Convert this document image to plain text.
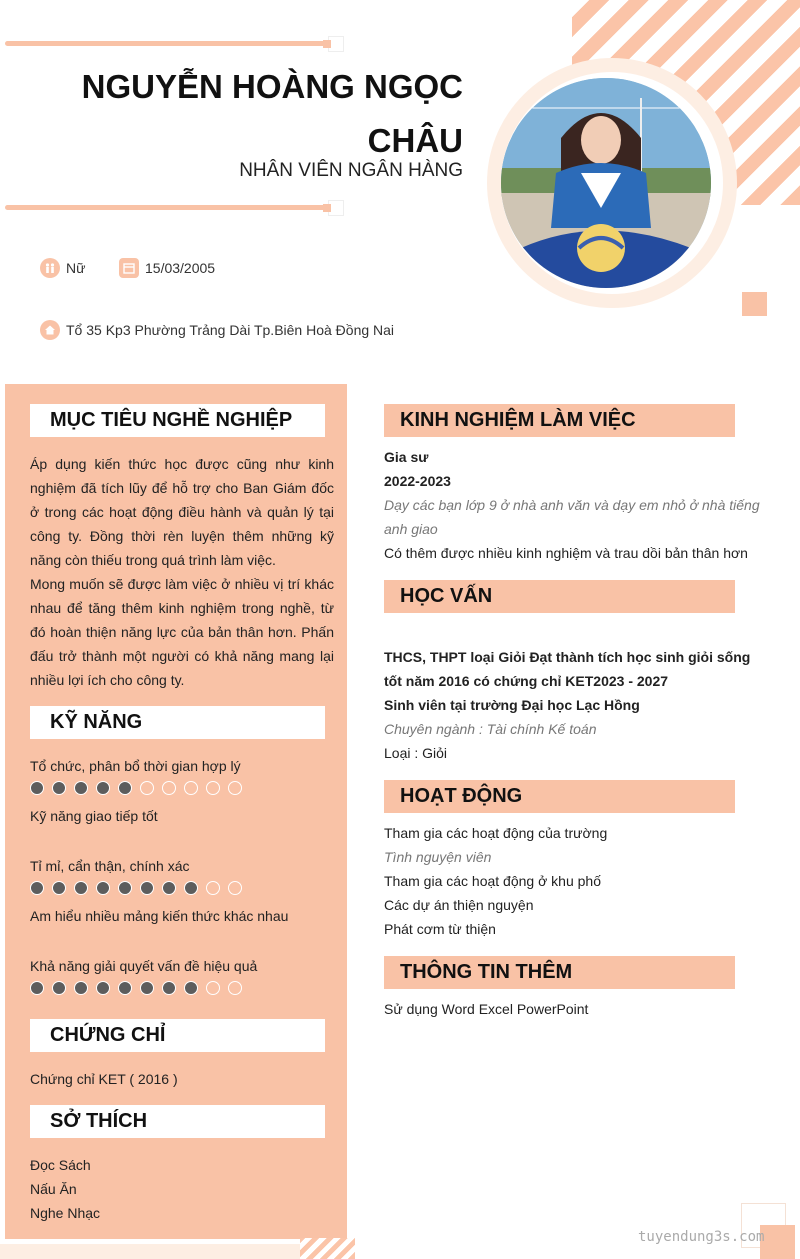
NGUYỄN HOÀNG NGỌC
CHÂU
NHÂN VIÊN NGÂN HÀNG
Nữ	15/03/2005
Tổ 35 Kp3 Phường Trảng Dài Tp.Biên Hoà Đồng Nai
MỤC TIÊU NGHỀ NGHIỆP
Áp dụng kiến thức học được cũng như kinh nghiệm đã tích lũy để hỗ trợ cho Ban Giám đốc ở trong các hoạt động điều hành và quản lý tại công ty. Đồng thời rèn luyện thêm những kỹ năng còn thiếu trong quá trình làm việc.
Mong muốn sẽ được làm việc ở nhiều vị trí khác nhau để tăng thêm kinh nghiệm trong nghề, từ đó hoàn thiện năng lực của bản thân hơn. Phấn đấu trở thành một người có khả năng mang lại nhiều lợi ích cho công ty.
KỸ NĂNG
Tổ chức, phân bổ thời gian hợp lý
Kỹ năng giao tiếp tốt
Tỉ mỉ, cẩn thận, chính xác
Am hiểu nhiều mảng kiến thức khác nhau
Khả năng giải quyết vấn đề hiệu quả
CHỨNG CHỈ
Chứng chỉ KET ( 2016 )
SỞ THÍCH
Đọc Sách
Nấu Ăn
Nghe Nhạc
KINH NGHIỆM LÀM VIỆC
Gia sư
2022-2023
Dạy các bạn lớp 9 ở nhà anh văn và dạy em nhỏ ở nhà tiếng anh giao
Có thêm được nhiều kinh nghiệm và trau dồi bản thân hơn
HỌC VẤN
THCS, THPT loại Giỏi Đạt thành tích học sinh giỏi sống tốt năm 2016 có chứng chỉ KET2023 - 2027
Sinh viên tại trường Đại học Lạc Hồng
Chuyên ngành : Tài chính Kế toán
Loại : Giỏi
HOẠT ĐỘNG
Tham gia các hoạt động của trường
Tình nguyện viên
Tham gia các hoạt động ở khu phố
Các dự án thiện nguyện
Phát cơm từ thiện
THÔNG TIN THÊM
Sử dụng Word Excel PowerPoint
tuyendung3s.com
